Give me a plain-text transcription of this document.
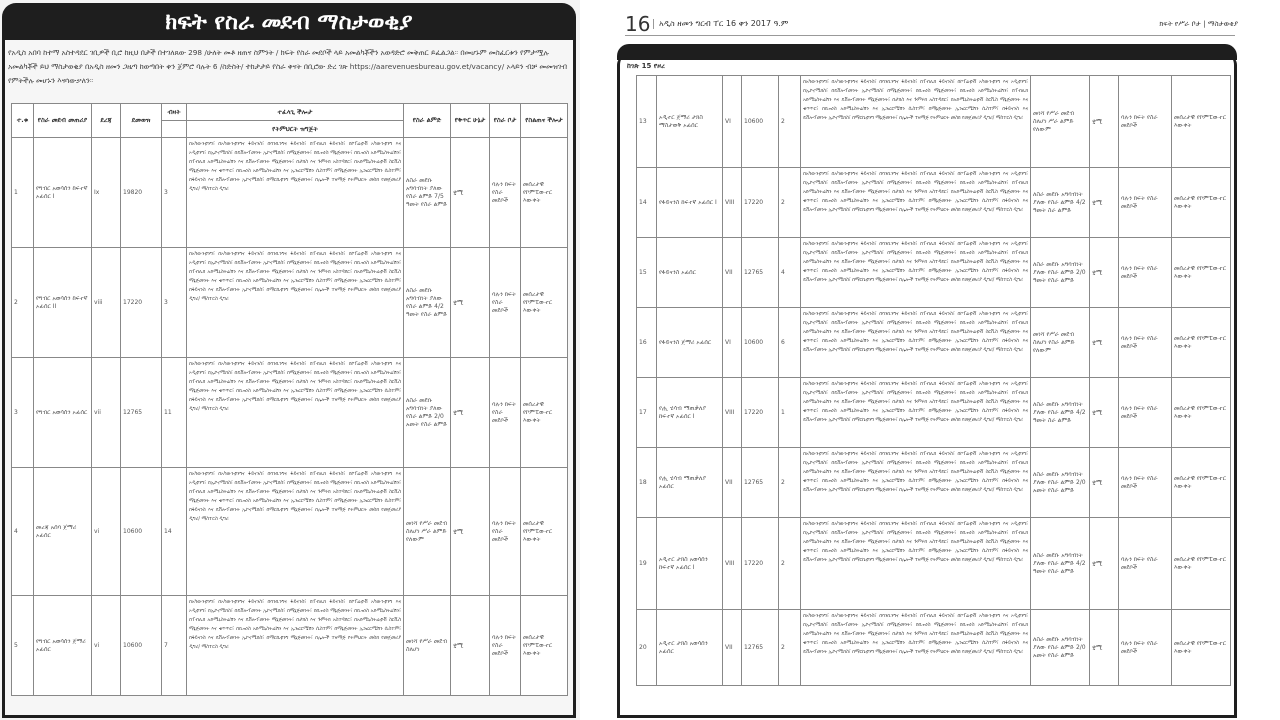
ክፍት የስራ መደብ ማስታወቂያ
የአዲስ አበባ ከተማ አስተዳደር ገቢዎች ቢሮ ከዚህ በታች በተገለጸው 298 /ሁለት መቶ ዘጠና ስምንት / ክፍት የስራ መደቦች ላይ አመልካቾችን አወዳድሮ መቅጠር ይፈልጋል። በመሆኑም መስፈርቱን የምታሟሉ አመልካቾች ይህ ማስታወቂያ በአዲስ ዘመን ጋዜጣ ከወጣበት ቀን ጀምሮ ባሉት 6 /ስድስት/ ተከታታይ የስራ ቀናት በቢሮው ድረ ገጽ https://aarevenuesbureau.gov.et/vacancy/ ኦላይን ብቻ መመዝገብ የምትችሉ መሆኑን እናሳውቃለን።
ተ.ቁ	የስራ መደብ መጠሪያ	ደረጃ	ደመወዝ	ብዛት	ተፈላጊ ችሎታ	የስራ ልምድ	የቅጥር ሁኔታ	የስራ ቦታ	የስልጠና ችሎታ
					የትምህርት ዝግጅት				
1	የግብር አወሳሰን ከፍተኛ ኦፊሰር I	Ix	19820	3	በአካውንቲንግ፣ በአካውንቲንግና ፋይናንስ፣ በባንኪንግና ፋይናንስ፣ በፐብሊክ ፋይናንስ፣ በኮፐሬቲቭ አካውንቲንግ እና ኦዲቲንግ፣ በኢኮኖሚክስ፣ በዴቨሎፕመንት ኢኮኖሚክስ፣ በማኔጅመንት፣ በቢዝነስ ማኔጅመንት፣ በቢዝነስ አድሚኒስትሬሽን፣ በፐብሊክ አድሚኒስትሬሽን እና ዴቨሎፕመንት ማኔጅመንት፣ በታክስ እና ጉምሩክ አስተዳደር፣ በአድሚኒስትሬቲቭ ስርቪስ ማኔጅመንት እና ቁጥጥር፣ በቢዝነስ አድሚኒስትሬሽን እና ኢንፎርሜሽን ሲስተም፣ በማኔጅመንት ኢንፎርሜሽን ሲስተም፣ በፋይናንስ እና ዴቨሎፕመንት ኢኮኖሚክስ፣ በማርኬቲንግ ማኔጅመንት፣ በሌሎች ተዛማጅ የትምህርት መስክ የመጀመሪያ ዲግሪ/ ማስተርስ ዲግሪ	ለስራ መደቡ አግባብነት ያለው የስራ ልምድ 7/5 ዓመት የስራ ልምድ	ቋሚ	ባሉን ክፍት የስራ መደቦች	መሰረታዊ የኮምፒውተር እውቀት
2	የግብር አወሳሰን ከፍተኛ ኦፊሰር II	viii	17220	3	በአካውንቲንግ፣ በአካውንቲንግና ፋይናንስ፣ በባንኪንግና ፋይናንስ፣ በፐብሊክ ፋይናንስ፣ በኮፐሬቲቭ አካውንቲንግ እና ኦዲቲንግ፣ በኢኮኖሚክስ፣ በዴቨሎፕመንት ኢኮኖሚክስ፣ በማኔጅመንት፣ በቢዝነስ ማኔጅመንት፣ በቢዝነስ አድሚኒስትሬሽን፣ በፐብሊክ አድሚኒስትሬሽን እና ዴቨሎፕመንት ማኔጅመንት፣ በታክስ እና ጉምሩክ አስተዳደር፣ በአድሚኒስትሬቲቭ ስርቪስ ማኔጅመንት እና ቁጥጥር፣ በቢዝነስ አድሚኒስትሬሽን እና ኢንፎርሜሽን ሲስተም፣ በማኔጅመንት ኢንፎርሜሽን ሲስተም፣ በፋይናንስ እና ዴቨሎፕመንት ኢኮኖሚክስ፣ በማርኬቲንግ ማኔጅመንት፣ በሌሎች ተዛማጅ የትምህርት መስክ የመጀመሪያ ዲግሪ/ ማስተርስ ዲግሪ	ለስራ መደቡ አግባብነት ያለው የስራ ልምድ 4/2 ዓመት የስራ ልምድ	ቋሚ	ባሉን ክፍት የስራ መደቦች	መሰረታዊ የኮምፒውተር እውቀት
3	የግብር አወሳሰን ኦፊሰር	vii	12765	11	በአካውንቲንግ፣ በአካውንቲንግና ፋይናንስ፣ በባንኪንግና ፋይናንስ፣ በፐብሊክ ፋይናንስ፣ በኮፐሬቲቭ አካውንቲንግ እና ኦዲቲንግ፣ በኢኮኖሚክስ፣ በዴቨሎፕመንት ኢኮኖሚክስ፣ በማኔጅመንት፣ በቢዝነስ ማኔጅመንት፣ በቢዝነስ አድሚኒስትሬሽን፣ በፐብሊክ አድሚኒስትሬሽን እና ዴቨሎፕመንት ማኔጅመንት፣ በታክስ እና ጉምሩክ አስተዳደር፣ በአድሚኒስትሬቲቭ ስርቪስ ማኔጅመንት እና ቁጥጥር፣ በቢዝነስ አድሚኒስትሬሽን እና ኢንፎርሜሽን ሲስተም፣ በማኔጅመንት ኢንፎርሜሽን ሲስተም፣ በፋይናንስ እና ዴቨሎፕመንት ኢኮኖሚክስ፣ በማርኬቲንግ ማኔጅመንት፣ በሌሎች ተዛማጅ የትምህርት መስክ የመጀመሪያ ዲግሪ/ ማስተርስ ዲግሪ	ለስራ መደቡ አግባብነት ያለው የስራ ልምድ 2/0 አመት የስራ ልምድ	ቋሚ	ባሉን ክፍት የስራ መደቦች	መሰረታዊ የኮምፒውተር እውቀት
4	መረጃ አሰባ ጀማሪ ኦፊሰር	vi	10600	14	በአካውንቲንግ፣ በአካውንቲንግና ፋይናንስ፣ በባንኪንግና ፋይናንስ፣ በፐብሊክ ፋይናንስ፣ በኮፐሬቲቭ አካውንቲንግ እና ኦዲቲንግ፣ በኢኮኖሚክስ፣ በዴቨሎፕመንት ኢኮኖሚክስ፣ በማኔጅመንት፣ በቢዝነስ ማኔጅመንት፣ በቢዝነስ አድሚኒስትሬሽን፣ በፐብሊክ አድሚኒስትሬሽን እና ዴቨሎፕመንት ማኔጅመንት፣ በታክስ እና ጉምሩክ አስተዳደር፣ በአድሚኒስትሬቲቭ ስርቪስ ማኔጅመንት እና ቁጥጥር፣ በቢዝነስ አድሚኒስትሬሽን እና ኢንፎርሜሽን ሲስተም፣ በማኔጅመንት ኢንፎርሜሽን ሲስተም፣ በፋይናንስ እና ዴቨሎፕመንት ኢኮኖሚክስ፣ በማርኬቲንግ ማኔጅመንት፣ በሌሎች ተዛማጅ የትምህርት መስክ የመጀመሪያ ዲግሪ/ ማስተርስ ዲግሪ	መነሻ የሥራ መደብ ስለሆነ ሥራ ልምድ የለውም	ቋሚ	ባሉን ክፍት የስራ መደቦች	መሰረታዊ የኮምፒውተር እውቀት
5	የግብር አወሳሰን ጀማሪ ኦፊሰር	vi	10600	7	በአካውንቲንግ፣ በአካውንቲንግና ፋይናንስ፣ በባንኪንግና ፋይናንስ፣ በፐብሊክ ፋይናንስ፣ በኮፐሬቲቭ አካውንቲንግ እና ኦዲቲንግ፣ በኢኮኖሚክስ፣ በዴቨሎፕመንት ኢኮኖሚክስ፣ በማኔጅመንት፣ በቢዝነስ ማኔጅመንት፣ በቢዝነስ አድሚኒስትሬሽን፣ በፐብሊክ አድሚኒስትሬሽን እና ዴቨሎፕመንት ማኔጅመንት፣ በታክስ እና ጉምሩክ አስተዳደር፣ በአድሚኒስትሬቲቭ ስርቪስ ማኔጅመንት እና ቁጥጥር፣ በቢዝነስ አድሚኒስትሬሽን እና ኢንፎርሜሽን ሲስተም፣ በማኔጅመንት ኢንፎርሜሽን ሲስተም፣ በፋይናንስ እና ዴቨሎፕመንት ኢኮኖሚክስ፣ በማርኬቲንግ ማኔጅመንት፣ በሌሎች ተዛማጅ የትምህርት መስክ የመጀመሪያ ዲግሪ/ ማስተርስ ዲግሪ	መነሻ የሥራ መደብ ስለሆነ	ቋሚ	ባሉን ክፍት የስራ መደቦች	መሰረታዊ የኮምፒውተር እውቀት
16	አዲስ ዘመን ግርብ ፐር 16 ቀን 2017 ዓ.ም	ክፍት የሥራ ቦታ | ማስታወቂያ
ከገጽ 15 የዞረ
13	ኦዲተር ጀማሪ ታክስ ማስታወቅ ኦፊሰር	VI	10600	2	በአካውንቲንግ፣ በአካውንቲንግና ፋይናንስ፣ በባንኪንግና ፋይናንስ፣ በፐብሊክ ፋይናንስ፣ በኮፐሬቲቭ አካውንቲንግ እና ኦዲቲንግ፣ በኢኮኖሚክስ፣ በዴቨሎፕመንት ኢኮኖሚክስ፣ በማኔጅመንት፣ በቢዝነስ ማኔጅመንት፣ በቢዝነስ አድሚኒስትሬሽን፣ በፐብሊክ አድሚኒስትሬሽን እና ዴቨሎፕመንት ማኔጅመንት፣ በታክስ እና ጉምሩክ አስተዳደር፣ በአድሚኒስትሬቲቭ ስርቪስ ማኔጅመንት እና ቁጥጥር፣ በቢዝነስ አድሚኒስትሬሽን እና ኢንፎርሜሽን ሲስተም፣ በማኔጅመንት ኢንፎርሜሽን ሲስተም፣ በፋይናንስ እና ዴቨሎፕመንት ኢኮኖሚክስ፣ በማርኬቲንግ ማኔጅመንት፣ በሌሎች ተዛማጅ የትምህርት መስክ የመጀመሪያ ዲግሪ/ ማስተርስ ዲግሪ	መነሻ የሥራ መደብ ስለሆነ ሥራ ልምድ የለውም	ቋሚ	ባሉን ክፍት የስራ መደቦች	መሰረታዊ የኮምፒውተር እውቀት
14	የፋይናንስ ከፍተኛ ኦፊሰር I	VIII	17220	2	በአካውንቲንግ፣ በአካውንቲንግና ፋይናንስ፣ በባንኪንግና ፋይናንስ፣ በፐብሊክ ፋይናንስ፣ በኮፐሬቲቭ አካውንቲንግ እና ኦዲቲንግ፣ በኢኮኖሚክስ፣ በዴቨሎፕመንት ኢኮኖሚክስ፣ በማኔጅመንት፣ በቢዝነስ ማኔጅመንት፣ በቢዝነስ አድሚኒስትሬሽን፣ በፐብሊክ አድሚኒስትሬሽን እና ዴቨሎፕመንት ማኔጅመንት፣ በታክስ እና ጉምሩክ አስተዳደር፣ በአድሚኒስትሬቲቭ ስርቪስ ማኔጅመንት እና ቁጥጥር፣ በቢዝነስ አድሚኒስትሬሽን እና ኢንፎርሜሽን ሲስተም፣ በማኔጅመንት ኢንፎርሜሽን ሲስተም፣ በፋይናንስ እና ዴቨሎፕመንት ኢኮኖሚክስ፣ በማርኬቲንግ ማኔጅመንት፣ በሌሎች ተዛማጅ የትምህርት መስክ የመጀመሪያ ዲግሪ/ ማስተርስ ዲግሪ	ለስራ መደቡ አግባብነት ያለው የስራ ልምድ 4/2 ዓመት ስራ ልምድ	ቋሚ	ባሉን ክፍት የስራ መደቦች	መሰረታዊ የኮምፒውተር እውቀት
15	የፋይናንስ ኦፊሰር	VII	12765	4	በአካውንቲንግ፣ በአካውንቲንግና ፋይናንስ፣ በባንኪንግና ፋይናንስ፣ በፐብሊክ ፋይናንስ፣ በኮፐሬቲቭ አካውንቲንግ እና ኦዲቲንግ፣ በኢኮኖሚክስ፣ በዴቨሎፕመንት ኢኮኖሚክስ፣ በማኔጅመንት፣ በቢዝነስ ማኔጅመንት፣ በቢዝነስ አድሚኒስትሬሽን፣ በፐብሊክ አድሚኒስትሬሽን እና ዴቨሎፕመንት ማኔጅመንት፣ በታክስ እና ጉምሩክ አስተዳደር፣ በአድሚኒስትሬቲቭ ስርቪስ ማኔጅመንት እና ቁጥጥር፣ በቢዝነስ አድሚኒስትሬሽን እና ኢንፎርሜሽን ሲስተም፣ በማኔጅመንት ኢንፎርሜሽን ሲስተም፣ በፋይናንስ እና ዴቨሎፕመንት ኢኮኖሚክስ፣ በማርኬቲንግ ማኔጅመንት፣ በሌሎች ተዛማጅ የትምህርት መስክ የመጀመሪያ ዲግሪ/ ማስተርስ ዲግሪ	ለስራ መደቡ አግባብነት ያለው የስራ ልምድ 2/0 ዓመት የስራ ልምድ	ቋሚ	ባሉን ክፍት የስራ መደቦች	መሰረታዊ የኮምፒውተር እውቀት
16	የፋይናንስ ጀማሪ ኦፊሰር	VI	10600	6	በአካውንቲንግ፣ በአካውንቲንግና ፋይናንስ፣ በባንኪንግና ፋይናንስ፣ በፐብሊክ ፋይናንስ፣ በኮፐሬቲቭ አካውንቲንግ እና ኦዲቲንግ፣ በኢኮኖሚክስ፣ በዴቨሎፕመንት ኢኮኖሚክስ፣ በማኔጅመንት፣ በቢዝነስ ማኔጅመንት፣ በቢዝነስ አድሚኒስትሬሽን፣ በፐብሊክ አድሚኒስትሬሽን እና ዴቨሎፕመንት ማኔጅመንት፣ በታክስ እና ጉምሩክ አስተዳደር፣ በአድሚኒስትሬቲቭ ስርቪስ ማኔጅመንት እና ቁጥጥር፣ በቢዝነስ አድሚኒስትሬሽን እና ኢንፎርሜሽን ሲስተም፣ በማኔጅመንት ኢንፎርሜሽን ሲስተም፣ በፋይናንስ እና ዴቨሎፕመንት ኢኮኖሚክስ፣ በማርኬቲንግ ማኔጅመንት፣ በሌሎች ተዛማጅ የትምህርት መስክ የመጀመሪያ ዲግሪ/ ማስተርስ ዲግሪ	መነሻ የሥራ መደብ ስለሆነ የስራ ልምድ የለውም	ቋሚ	ባሉን ክፍት የስራ መደቦች	መሰረታዊ የኮምፒውተር እውቀት
17	የሒ ሂሳብ ማጠቃለያ ከፍተኛ ኦፊሰር I	VIII	17220	1	በአካውንቲንግ፣ በአካውንቲንግና ፋይናንስ፣ በባንኪንግና ፋይናንስ፣ በፐብሊክ ፋይናንስ፣ በኮፐሬቲቭ አካውንቲንግ እና ኦዲቲንግ፣ በኢኮኖሚክስ፣ በዴቨሎፕመንት ኢኮኖሚክስ፣ በማኔጅመንት፣ በቢዝነስ ማኔጅመንት፣ በቢዝነስ አድሚኒስትሬሽን፣ በፐብሊክ አድሚኒስትሬሽን እና ዴቨሎፕመንት ማኔጅመንት፣ በታክስ እና ጉምሩክ አስተዳደር፣ በአድሚኒስትሬቲቭ ስርቪስ ማኔጅመንት እና ቁጥጥር፣ በቢዝነስ አድሚኒስትሬሽን እና ኢንፎርሜሽን ሲስተም፣ በማኔጅመንት ኢንፎርሜሽን ሲስተም፣ በፋይናንስ እና ዴቨሎፕመንት ኢኮኖሚክስ፣ በማርኬቲንግ ማኔጅመንት፣ በሌሎች ተዛማጅ የትምህርት መስክ የመጀመሪያ ዲግሪ/ ማስተርስ ዲግሪ	ለስራ መደቡ አግባብነት ያለው የስራ ልምድ 4/2 ዓመት ስራ ልምድ	ቋሚ	ባሉን ክፍት የስራ መደቦች	መሰረታዊ የኮምፒውተር እውቀት
18	የሒ ሂሳብ ማጠቃለያ ኦፊሰር	VII	12765	2	በአካውንቲንግ፣ በአካውንቲንግና ፋይናንስ፣ በባንኪንግና ፋይናንስ፣ በፐብሊክ ፋይናንስ፣ በኮፐሬቲቭ አካውንቲንግ እና ኦዲቲንግ፣ በኢኮኖሚክስ፣ በዴቨሎፕመንት ኢኮኖሚክስ፣ በማኔጅመንት፣ በቢዝነስ ማኔጅመንት፣ በቢዝነስ አድሚኒስትሬሽን፣ በፐብሊክ አድሚኒስትሬሽን እና ዴቨሎፕመንት ማኔጅመንት፣ በታክስ እና ጉምሩክ አስተዳደር፣ በአድሚኒስትሬቲቭ ስርቪስ ማኔጅመንት እና ቁጥጥር፣ በቢዝነስ አድሚኒስትሬሽን እና ኢንፎርሜሽን ሲስተም፣ በማኔጅመንት ኢንፎርሜሽን ሲስተም፣ በፋይናንስ እና ዴቨሎፕመንት ኢኮኖሚክስ፣ በማርኬቲንግ ማኔጅመንት፣ በሌሎች ተዛማጅ የትምህርት መስክ የመጀመሪያ ዲግሪ/ ማስተርስ ዲግሪ	ለስራ መደቡ አግባብነት ያለው የስራ ልምድ 2/0 አመት የስራ ልምድ	ቋሚ	ባሉን ክፍት የስራ መደቦች	መሰረታዊ የኮምፒውተር እውቀት
19	ኦዲተር ታክስ አወሳሰን ከፍተኛ ኦፊሰር I	VIII	17220	2	በአካውንቲንግ፣ በአካውንቲንግና ፋይናንስ፣ በባንኪንግና ፋይናንስ፣ በፐብሊክ ፋይናንስ፣ በኮፐሬቲቭ አካውንቲንግ እና ኦዲቲንግ፣ በኢኮኖሚክስ፣ በዴቨሎፕመንት ኢኮኖሚክስ፣ በማኔጅመንት፣ በቢዝነስ ማኔጅመንት፣ በቢዝነስ አድሚኒስትሬሽን፣ በፐብሊክ አድሚኒስትሬሽን እና ዴቨሎፕመንት ማኔጅመንት፣ በታክስ እና ጉምሩክ አስተዳደር፣ በአድሚኒስትሬቲቭ ስርቪስ ማኔጅመንት እና ቁጥጥር፣ በቢዝነስ አድሚኒስትሬሽን እና ኢንፎርሜሽን ሲስተም፣ በማኔጅመንት ኢንፎርሜሽን ሲስተም፣ በፋይናንስ እና ዴቨሎፕመንት ኢኮኖሚክስ፣ በማርኬቲንግ ማኔጅመንት፣ በሌሎች ተዛማጅ የትምህርት መስክ የመጀመሪያ ዲግሪ/ ማስተርስ ዲግሪ	ለስራ መደቡ አግባብነት ያለው የስራ ልምድ 4/2 ዓመት የስራ ልምድ	ቋሚ	ባሉን ክፍት የስራ መደቦች	መሰረታዊ የኮምፒውተር እውቀት
20	ኦዲተር ታክስ አወሳሰን ኦፊሰር	VII	12765	2	በአካውንቲንግ፣ በአካውንቲንግና ፋይናንስ፣ በባንኪንግና ፋይናንስ፣ በፐብሊክ ፋይናንስ፣ በኮፐሬቲቭ አካውንቲንግ እና ኦዲቲንግ፣ በኢኮኖሚክስ፣ በዴቨሎፕመንት ኢኮኖሚክስ፣ በማኔጅመንት፣ በቢዝነስ ማኔጅመንት፣ በቢዝነስ አድሚኒስትሬሽን፣ በፐብሊክ አድሚኒስትሬሽን እና ዴቨሎፕመንት ማኔጅመንት፣ በታክስ እና ጉምሩክ አስተዳደር፣ በአድሚኒስትሬቲቭ ስርቪስ ማኔጅመንት እና ቁጥጥር፣ በቢዝነስ አድሚኒስትሬሽን እና ኢንፎርሜሽን ሲስተም፣ በማኔጅመንት ኢንፎርሜሽን ሲስተም፣ በፋይናንስ እና ዴቨሎፕመንት ኢኮኖሚክስ፣ በማርኬቲንግ ማኔጅመንት፣ በሌሎች ተዛማጅ የትምህርት መስክ የመጀመሪያ ዲግሪ/ ማስተርስ ዲግሪ	ለስራ መደቡ አግባብነት ያለው የስራ ልምድ 2/0 አመት የስራ ልምድ	ቋሚ	ባሉን ክፍት የስራ መደቦች	መሰረታዊ የኮምፒውተር እውቀት
